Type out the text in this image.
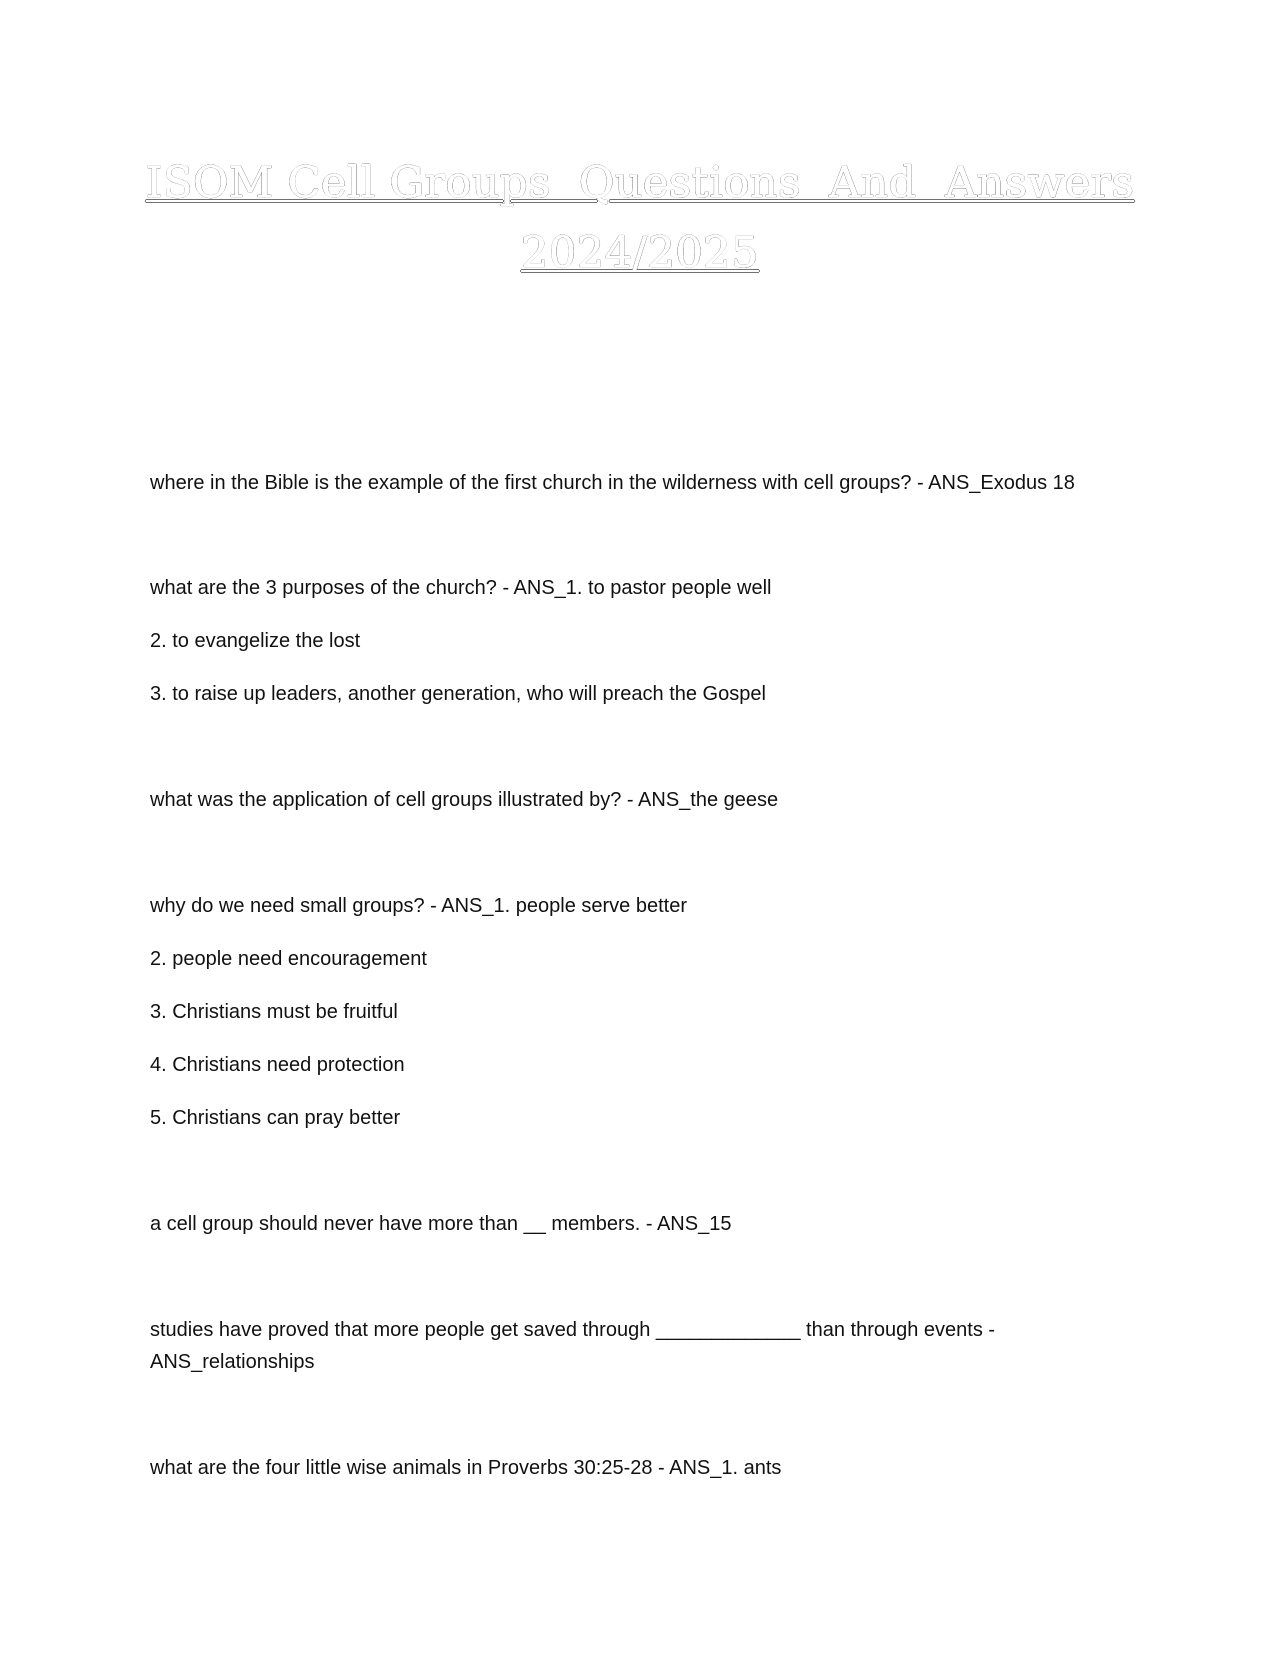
ISOM Cell Groups  Questions  And  Answers
2024/2025
where in the Bible is the example of the first church in the wilderness with cell groups? - ANS_Exodus 18
what are the 3 purposes of the church? - ANS_1. to pastor people well
2. to evangelize the lost
3. to raise up leaders, another generation, who will preach the Gospel
what was the application of cell groups illustrated by? - ANS_the geese
why do we need small groups? - ANS_1. people serve better
2. people need encouragement
3. Christians must be fruitful
4. Christians need protection
5. Christians can pray better
a cell group should never have more than __ members. - ANS_15
studies have proved that more people get saved through _____________ than through events -
ANS_relationships
what are the four little wise animals in Proverbs 30:25-28 - ANS_1. ants
